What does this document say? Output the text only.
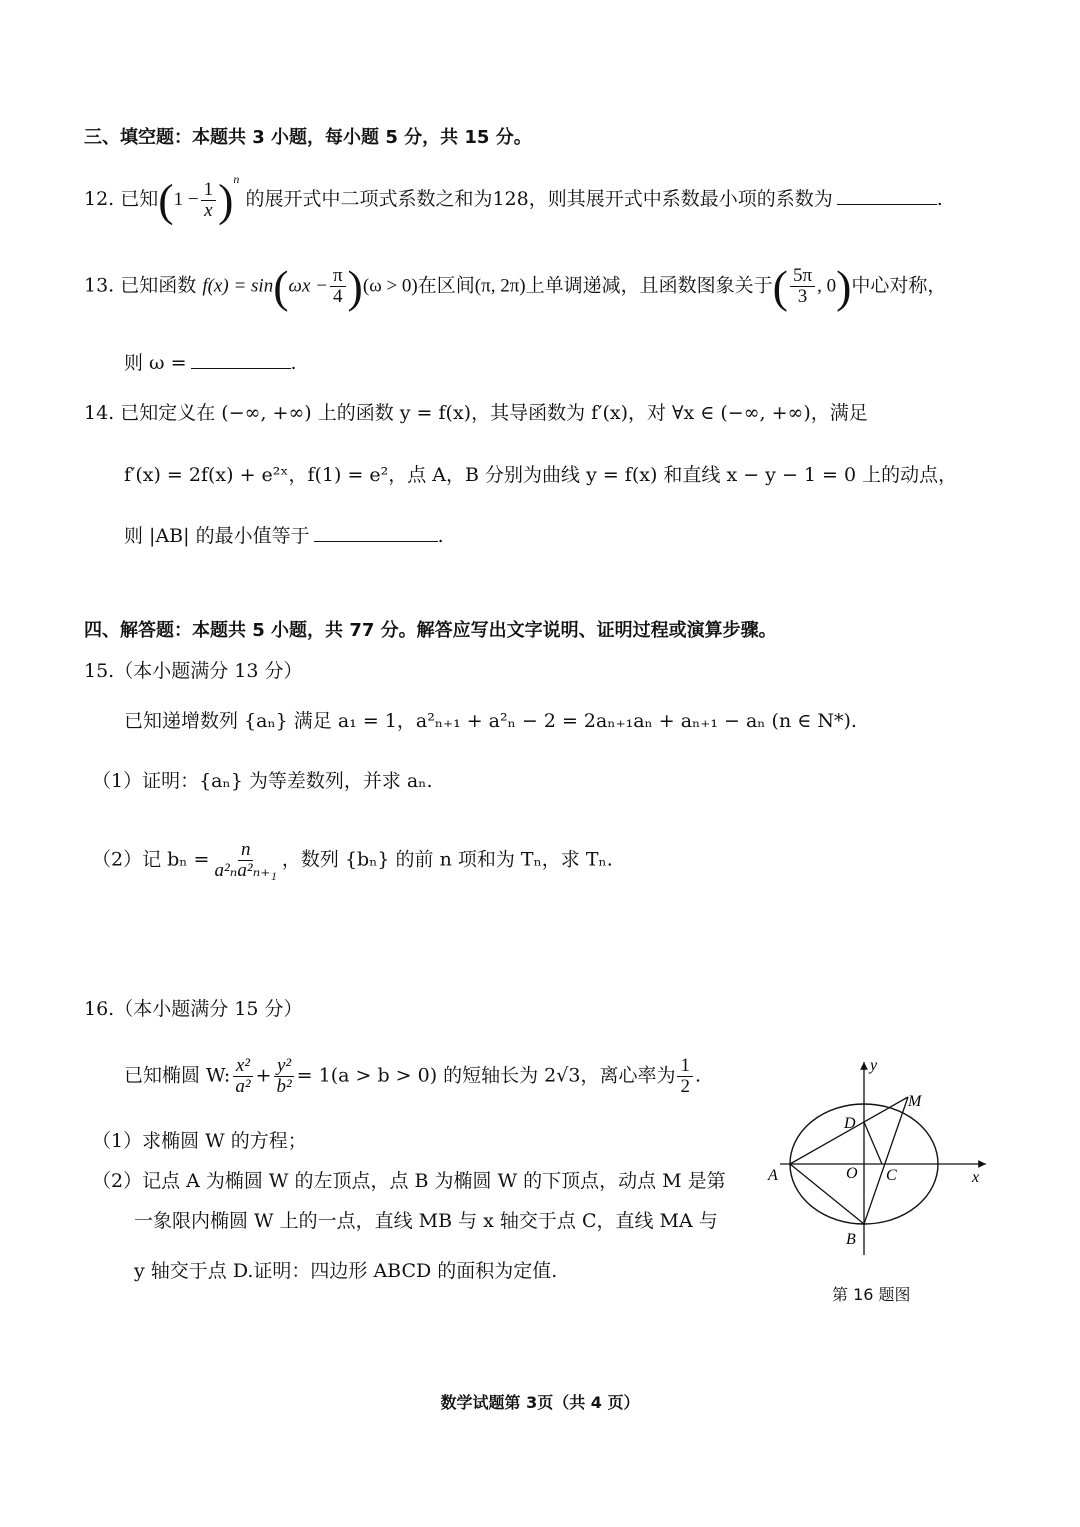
三、填空题：本题共 3 小题，每小题 5 分，共 15 分。
12. 已知$(1 - \frac{1}{x} )^n$ 的展开式中二项式系数之和为128，则其展开式中系数最小项的系数为	.
13. 已知函数 $f(x) = \sin(\omega x - \frac{\pi}{4} )(\omega > 0)$在区间(π, 2π)上单调递减，且函数图象关于( $\frac{5\pi}{3}$ , 0)中心对称，
则 ω =	.
14. 已知定义在 (−∞, +∞) 上的函数 y = f(x)，其导函数为 f′(x)，对 ∀x ∈ (−∞, +∞)，满足
f′(x) = 2f(x) + e²ˣ，f(1) = e²，点 A，B 分别为曲线 y = f(x) 和直线 x − y − 1 = 0 上的动点，
则 |AB| 的最小值等于	.
四、解答题：本题共 5 小题，共 77 分。解答应写出文字说明、证明过程或演算步骤。
15.（本小题满分 13 分）
已知递增数列 {aₙ} 满足 a₁ = 1，a²ₙ₊₁ + a²ₙ − 2 = 2aₙ₊₁aₙ + aₙ₊₁ − aₙ (n ∈ N*).
（1）证明：{aₙ} 为等差数列，并求 aₙ.
（2）记 $b_n = \frac{n}{\text{a²ₙa²ₙ₊₁}}$ ，数列 {bₙ} 的前 n 项和为 Tₙ，求 Tₙ.
16.（本小题满分 15 分）
已知椭圆 W: $\frac{\text{x²}}{\text{a²}} + \frac{\text{y²}}{\text{b²}} = 1(a > b > 0)$ 的短轴长为 2√3，离心率为 $\frac{1}{2}$ .
（1）求椭圆 W 的方程；
（2）记点 A 为椭圆 W 的左顶点，点 B 为椭圆 W 的下顶点，动点 M 是第
一象限内椭圆 W 上的一点，直线 MB 与 x 轴交于点 C，直线 MA 与
y 轴交于点 D.证明：四边形 ABCD 的面积为定值.
y
x
M
D
A	O C
B
第 16 题图
数学试题第 3页（共 4 页）
